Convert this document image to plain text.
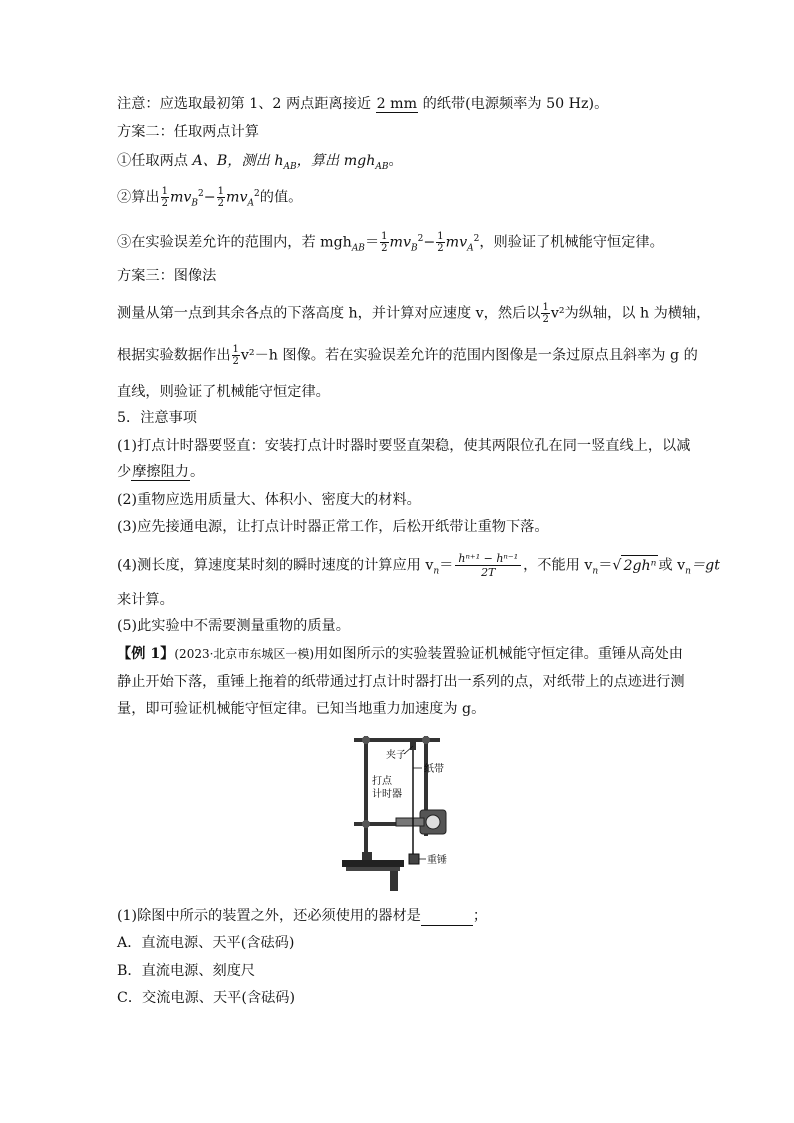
注意：应选取最初第 1、2 两点距离接近 2 mm 的纸带(电源频率为 50 Hz)。
方案二：任取两点计算
①任取两点 A、B，测出 $h_{AB}$，算出 mgh$_{AB}$。
②算出 $\frac{1}{2} mv_B^2- \frac{1}{2} mv_A^2$的值。
③在实验误差允许的范围内，若 $mgh_{AB}= \frac{1}{2} mv_B^2- \frac{1}{2} mv_A^2$，则验证了机械能守恒定律。
方案三：图像法
测量从第一点到其余各点的下落高度 h，并计算对应速度 v，然后以 $\frac{1}{2} v^2$为纵轴，以 h 为横轴，
根据实验数据作出 $\frac{1}{2} v^2-h$ 图像。若在实验误差允许的范围内图像是一条过原点且斜率为 g 的
直线，则验证了机械能守恒定律。
5．注意事项
(1)打点计时器要竖直：安装打点计时器时要竖直架稳，使其两限位孔在同一竖直线上，以减
少摩擦阻力。
(2)重物应选用质量大、体积小、密度大的材料。
(3)应先接通电源，让打点计时器正常工作，后松开纸带让重物下落。
(4)测长度，算速度某时刻的瞬时速度的计算应用 $v_n= \frac{\text{hⁿ⁺¹ − hⁿ⁻¹}}{2T}$ ，不能用 $v_n=√$ 2ghⁿ 或 $v_n=gt$
来计算。
(5)此实验中不需要测量重物的质量。
【例 1】(2023·北京市东城区一模)用如图所示的实验装置验证机械能守恒定律。重锤从高处由
静止开始下落，重锤上拖着的纸带通过打点计时器打出一系列的点，对纸带上的点迹进行测
量，即可验证机械能守恒定律。已知当地重力加速度为 g。
夹子
纸带
打点
计时器
重锤
(1)除图中所示的装置之外，还必须使用的器材是	；
A．直流电源、天平(含砝码)
B．直流电源、刻度尺
C．交流电源、天平(含砝码)
